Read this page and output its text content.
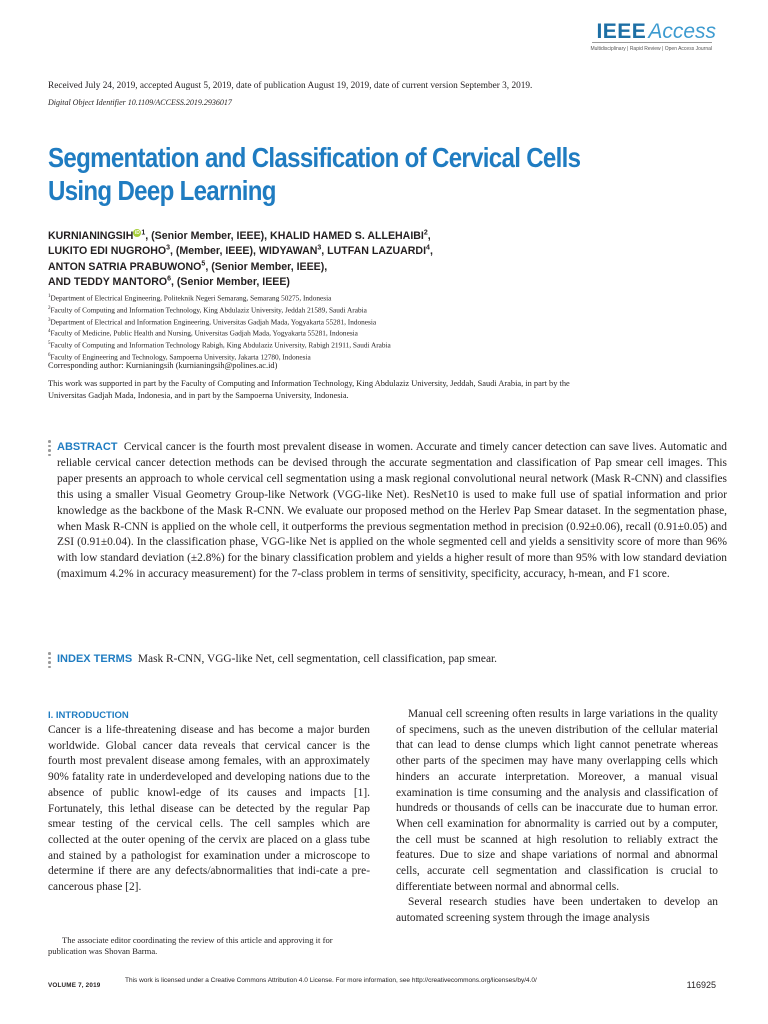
IEEEAccess
Multidisciplinary | Rapid Review | Open Access Journal
Received July 24, 2019, accepted August 5, 2019, date of publication August 19, 2019, date of current version September 3, 2019.
Digital Object Identifier 10.1109/ACCESS.2019.2936017
Segmentation and Classification of Cervical Cells Using Deep Learning
KURNIANINGSIH iD $^1$, (Senior Member, IEEE), KHALID HAMED S. ALLEHAIBI$^2$,
LUKITO EDI NUGROHO$^3$, (Member, IEEE), WIDYAWAN$^3$, LUTFAN LAZUARDI$^4$,
ANTON SATRIA PRABUWONO$^5$, (Senior Member, IEEE),
AND TEDDY MANTORO$^6$, (Senior Member, IEEE)
$^1$Department of Electrical Engineering, Politeknik Negeri Semarang, Semarang 50275, Indonesia
$^2$Faculty of Computing and Information Technology, King Abdulaziz University, Jeddah 21589, Saudi Arabia
$^3$Department of Electrical and Information Engineering, Universitas Gadjah Mada, Yogyakarta 55281, Indonesia
$^4$Faculty of Medicine, Public Health and Nursing, Universitas Gadjah Mada, Yogyakarta 55281, Indonesia
$^5$Faculty of Computing and Information Technology Rabigh, King Abdulaziz University, Rabigh 21911, Saudi Arabia
$^6$Faculty of Engineering and Technology, Sampoerna University, Jakarta 12780, Indonesia
Corresponding author: Kurnianingsih (kurnianingsih@polines.ac.id)
This work was supported in part by the Faculty of Computing and Information Technology, King Abdulaziz University, Jeddah, Saudi Arabia, in part by the Universitas Gadjah Mada, Indonesia, and in part by the Sampoerna University, Indonesia.
ABSTRACT Cervical cancer is the fourth most prevalent disease in women. Accurate and timely cancer detection can save lives. Automatic and reliable cervical cancer detection methods can be devised through the accurate segmentation and classification of Pap smear cell images. This paper presents an approach to whole cervical cell segmentation using a mask regional convolutional neural network (Mask R-CNN) and classifies this using a smaller Visual Geometry Group-like Network (VGG-like Net). ResNet10 is used to make full use of spatial information and prior knowledge as the backbone of the Mask R-CNN. We evaluate our proposed method on the Herlev Pap Smear dataset. In the segmentation phase, when Mask R-CNN is applied on the whole cell, it outperforms the previous segmentation method in precision (0.92±0.06), recall (0.91±0.05) and ZSI (0.91±0.04). In the classification phase, VGG-like Net is applied on the whole segmented cell and yields a sensitivity score of more than 96% with low standard deviation (±2.8%) for the binary classification problem and yields a higher result of more than 95% with low standard deviation (maximum 4.2% in accuracy measurement) for the 7-class problem in terms of sensitivity, specificity, accuracy, h-mean, and F1 score.
INDEX TERMS Mask R-CNN, VGG-like Net, cell segmentation, cell classification, pap smear.
I. INTRODUCTION
Cancer is a life-threatening disease and has become a major burden worldwide. Global cancer data reveals that cervical cancer is the fourth most prevalent disease among females, with an approximately 90% fatality rate in underdeveloped and developing nations due to the absence of public knowl-edge of its causes and impacts [1]. Fortunately, this lethal disease can be detected by the regular Pap smear testing of the cervical cells. The cell samples which are collected at the outer opening of the cervix are placed on a glass tube and stained by a pathologist for examination under a microscope to determine if there are any defects/abnormalities that indi-cate a pre-cancerous phase [2].
The associate editor coordinating the review of this article and approving it for publication was Shovan Barma.

Manual cell screening often results in large variations in the quality of specimens, such as the uneven distribution of the cellular material that can lead to dense clumps which light cannot penetrate whereas other parts of the specimen may have many overlapping cells which hinders an accurate interpretation. Moreover, a manual visual examination is time consuming and the analysis and classification of hundreds or thousands of cells can be inaccurate due to human error. When cell examination for abnormality is carried out by a computer, the cell must be scanned at high resolution to reliably extract the features. Due to size and shape variations of normal and abnormal cells, accurate cell segmentation and classification is crucial to differentiate between normal and abnormal cells.

Several research studies have been undertaken to develop an automated screening system through the image analysis

VOLUME 7, 2019
This work is licensed under a Creative Commons Attribution 4.0 License. For more information, see http://creativecommons.org/licenses/by/4.0/	116925
